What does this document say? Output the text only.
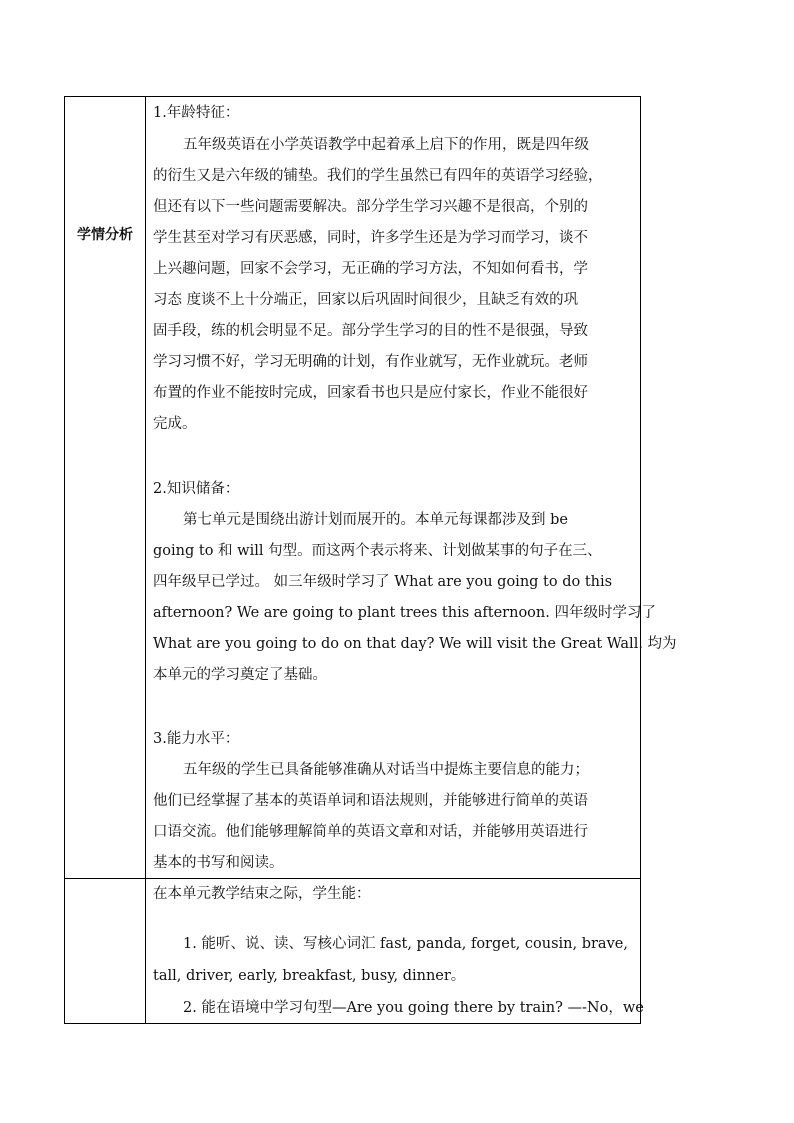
学情分析
1.年龄特征：
五年级英语在小学英语教学中起着承上启下的作用，既是四年级
的衍生又是六年级的铺垫。我们的学生虽然已有四年的英语学习经验，
但还有以下一些问题需要解决。部分学生学习兴趣不是很高，个别的
学生甚至对学习有厌恶感，同时，许多学生还是为学习而学习，谈不
上兴趣问题，回家不会学习，无正确的学习方法，不知如何看书，学
习态 度谈不上十分端正，回家以后巩固时间很少，且缺乏有效的巩
固手段，练的机会明显不足。部分学生学习的目的性不是很强，导致
学习习惯不好，学习无明确的计划，有作业就写，无作业就玩。老师
布置的作业不能按时完成，回家看书也只是应付家长，作业不能很好
完成。
2.知识储备：
第七单元是围绕出游计划而展开的。本单元每课都涉及到 be
going to 和 will 句型。而这两个表示将来、计划做某事的句子在三、
四年级早已学过。 如三年级时学习了 What are you going to do this
afternoon? We are going to plant trees this afternoon. 四年级时学习了
What are you going to do on that day? We will visit the Great Wall. 均为
本单元的学习奠定了基础。
3.能力水平：
五年级的学生已具备能够准确从对话当中提炼主要信息的能力；
他们已经掌握了基本的英语单词和语法规则，并能够进行简单的英语
口语交流。他们能够理解简单的英语文章和对话，并能够用英语进行
基本的书写和阅读。
在本单元教学结束之际，学生能：
1. 能听、说、读、写核心词汇 fast, panda, forget, cousin, brave,
tall, driver, early, breakfast, busy, dinner。
2. 能在语境中学习句型—Are you going there by train? —-No，we
